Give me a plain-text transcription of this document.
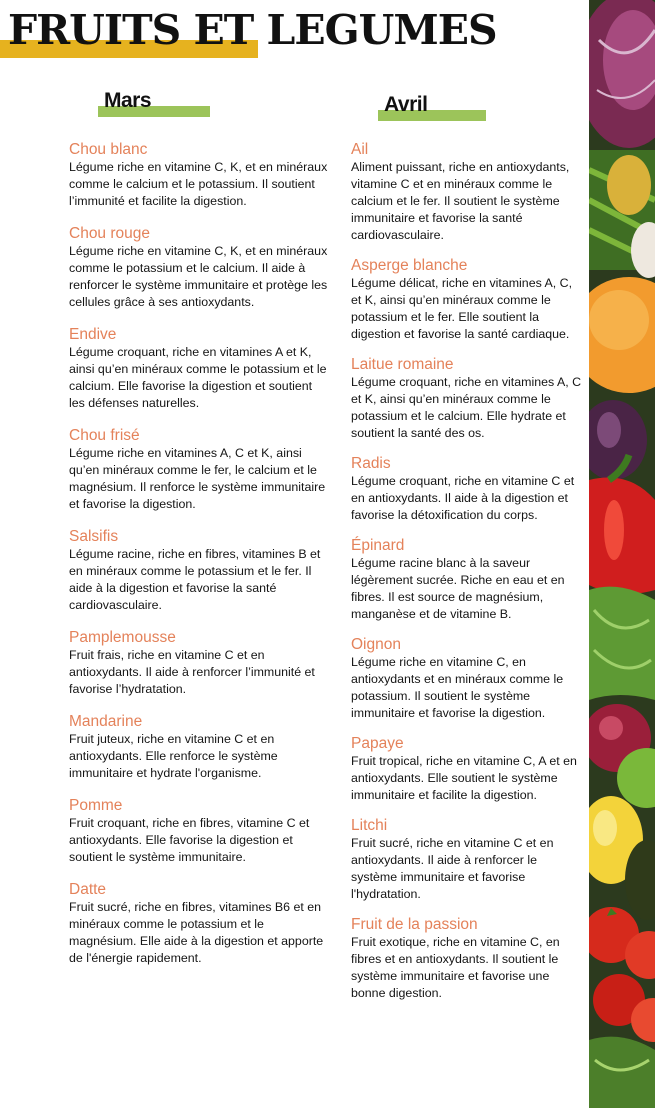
FRUITS ET LEGUMES
Mars	Avril

Chou blanc

Légume riche en vitamine C, K, et en minéraux comme le calcium et le potassium. Il soutient l’immunité et facilite la digestion.

Chou rouge

Légume riche en vitamine C, K, et en minéraux comme le potassium et le calcium. Il aide à renforcer le système immunitaire et protège les cellules grâce à ses antioxydants.

Endive

Légume croquant, riche en vitamines A et K, ainsi qu’en minéraux comme le potassium et le calcium. Elle favorise la digestion et soutient les défenses naturelles.

Chou frisé

Légume riche en vitamines A, C et K, ainsi qu’en minéraux comme le fer, le calcium et le magnésium. Il renforce le système immunitaire et favorise la digestion.

Salsifis

Légume racine, riche en fibres, vitamines B et en minéraux comme le potassium et le fer. Il aide à la digestion et favorise la santé cardiovasculaire.

Pamplemousse

Fruit frais, riche en vitamine C et en antioxydants. Il aide à renforcer l’immunité et favorise l’hydratation.

Mandarine

Fruit juteux, riche en vitamine C et en antioxydants. Elle renforce le système immunitaire et hydrate l'organisme.

Pomme

Fruit croquant, riche en fibres, vitamine C et antioxydants. Elle favorise la digestion et soutient le système immunitaire.

Datte

Fruit sucré, riche en fibres, vitamines B6 et en minéraux comme le potassium et le magnésium. Elle aide à la digestion et apporte de l'énergie rapidement.

Ail

Aliment puissant, riche en antioxydants, vitamine C et en minéraux comme le calcium et le fer. Il soutient le système immunitaire et favorise la santé cardiovasculaire.

Asperge blanche

Légume délicat, riche en vitamines A, C, et K, ainsi qu’en minéraux comme le potassium et le fer. Elle soutient la digestion et favorise la santé cardiaque.

Laitue romaine

Légume croquant, riche en vitamines A, C et K, ainsi qu’en minéraux comme le potassium et le calcium. Elle hydrate et soutient la santé des os.

Radis

Légume croquant, riche en vitamine C et en antioxydants. Il aide à la digestion et favorise la détoxification du corps.

Épinard

Légume racine blanc à la saveur légèrement sucrée. Riche en eau et en fibres. Il est source de magnésium, manganèse et de vitamine B.

Oignon

Légume riche en vitamine C, en antioxydants et en minéraux comme le potassium. Il soutient le système immunitaire et favorise la digestion.

Papaye

Fruit tropical, riche en vitamine C, A et en antioxydants. Elle soutient le système immunitaire et facilite la digestion.

Litchi

Fruit sucré, riche en vitamine C et en antioxydants. Il aide à renforcer le système immunitaire et favorise l'hydratation.

Fruit de la passion

Fruit exotique, riche en vitamine C, en fibres et en antioxydants. Il soutient le système immunitaire et favorise une bonne digestion.
